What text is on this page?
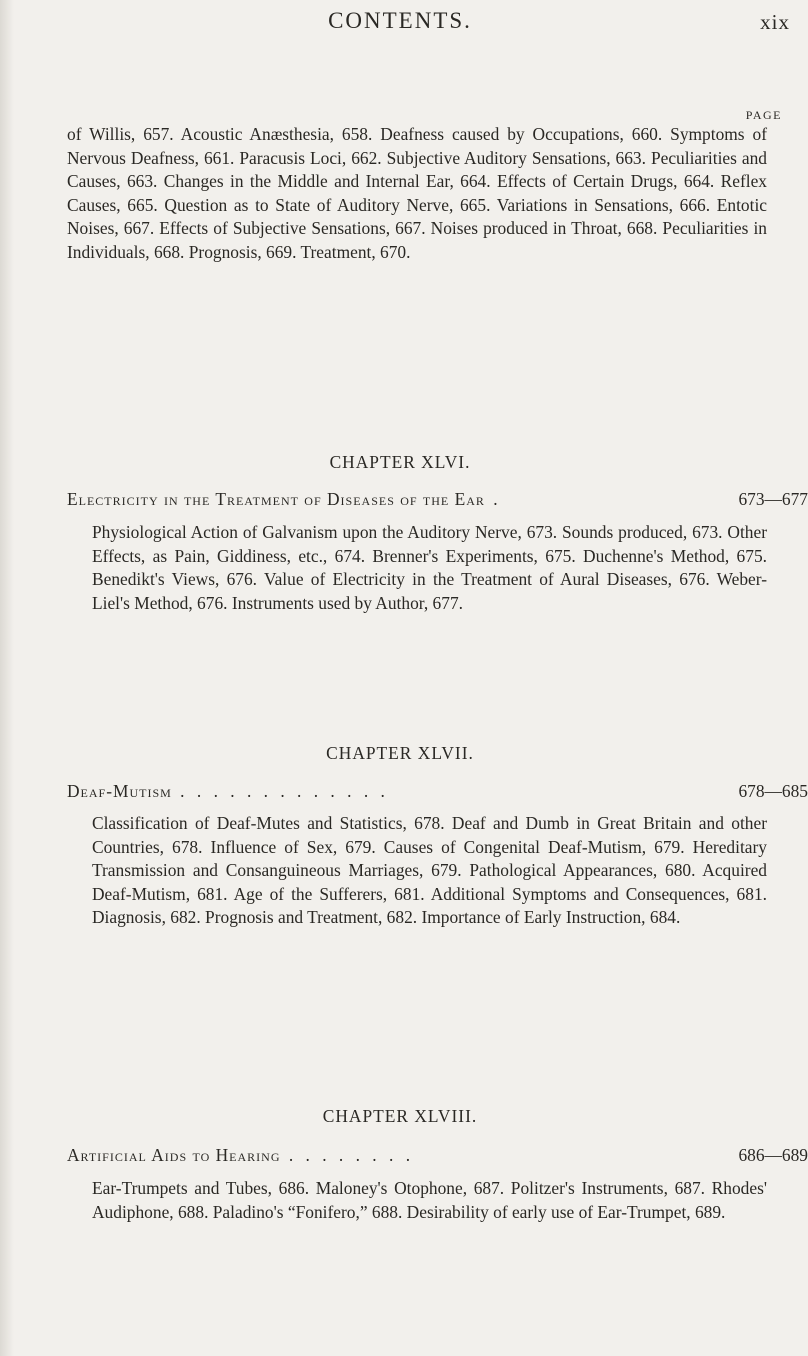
CONTENTS.	xix
PAGE

of Willis, 657. Acoustic Anæsthesia, 658. Deafness caused by Occupations, 660. Symptoms of Nervous Deafness, 661. Paracusis Loci, 662. Subjective Auditory Sensations, 663. Peculiarities and Causes, 663. Changes in the Middle and Internal Ear, 664. Effects of Certain Drugs, 664. Reflex Causes, 665. Question as to State of Auditory Nerve, 665. Variations in Sensations, 666. Entotic Noises, 667. Effects of Subjective Sensations, 667. Noises produced in Throat, 668. Peculiarities in Individuals, 668. Prognosis, 669. Treatment, 670.

CHAPTER XLVI.
Electricity in the Treatment of Diseases of the Ear .	673—677

Physiological Action of Galvanism upon the Auditory Nerve, 673. Sounds produced, 673. Other Effects, as Pain, Giddiness, etc., 674. Brenner's Experiments, 675. Duchenne's Method, 675. Benedikt's Views, 676. Value of Electricity in the Treatment of Aural Diseases, 676. Weber-Liel's Method, 676. Instruments used by Author, 677.

CHAPTER XLVII.
Deaf-Mutism . . . . . . . . . . . . .	678—685

Classification of Deaf-Mutes and Statistics, 678. Deaf and Dumb in Great Britain and other Countries, 678. Influence of Sex, 679. Causes of Congenital Deaf-Mutism, 679. Hereditary Transmission and Consanguineous Marriages, 679. Pathological Appearances, 680. Acquired Deaf-Mutism, 681. Age of the Sufferers, 681. Additional Symptoms and Consequences, 681. Diagnosis, 682. Prognosis and Treatment, 682. Importance of Early Instruction, 684.

CHAPTER XLVIII.
Artificial Aids to Hearing . . . . . . . .	686—689

Ear-Trumpets and Tubes, 686. Maloney's Otophone, 687. Politzer's Instruments, 687. Rhodes' Audiphone, 688. Paladino's “Fonifero,” 688. Desirability of early use of Ear-Trumpet, 689.
